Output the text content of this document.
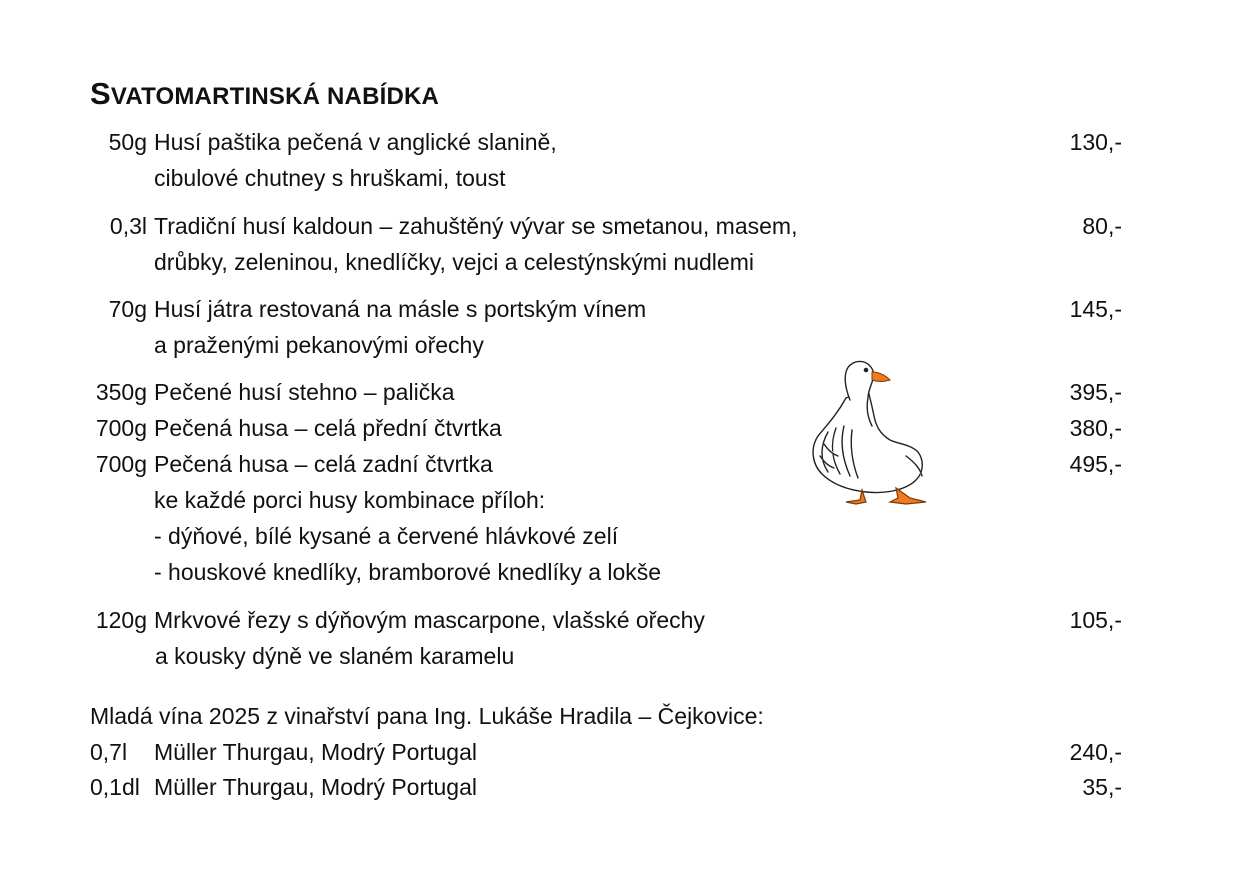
SVATOMARTINSKÁ NABÍDKA
50g Husí paštika pečená v anglické slanině,	130,-
cibulové chutney s hruškami, toust
0,3l Tradiční husí kaldoun – zahuštěný vývar se smetanou, masem,	80,-
drůbky, zeleninou, knedlíčky, vejci a celestýnskými nudlemi
70g Husí játra restovaná na másle s portským vínem	145,-
a praženými pekanovými ořechy
350g Pečené husí stehno – palička	395,-
700g Pečená husa – celá přední čtvrtka	380,-
700g Pečená husa – celá zadní čtvrtka	495,-
ke každé porci husy kombinace příloh:
- dýňové, bílé kysané a červené hlávkové zelí
- houskové knedlíky, bramborové knedlíky a lokše
120g Mrkvové řezy s dýňovým mascarpone, vlašské ořechy	105,-
a kousky dýně ve slaném karamelu
Mladá vína 2025 z vinařství pana Ing. Lukáše Hradila – Čejkovice:
0,7l Müller Thurgau, Modrý Portugal	240,-
0,1dl Müller Thurgau, Modrý Portugal	35,-
